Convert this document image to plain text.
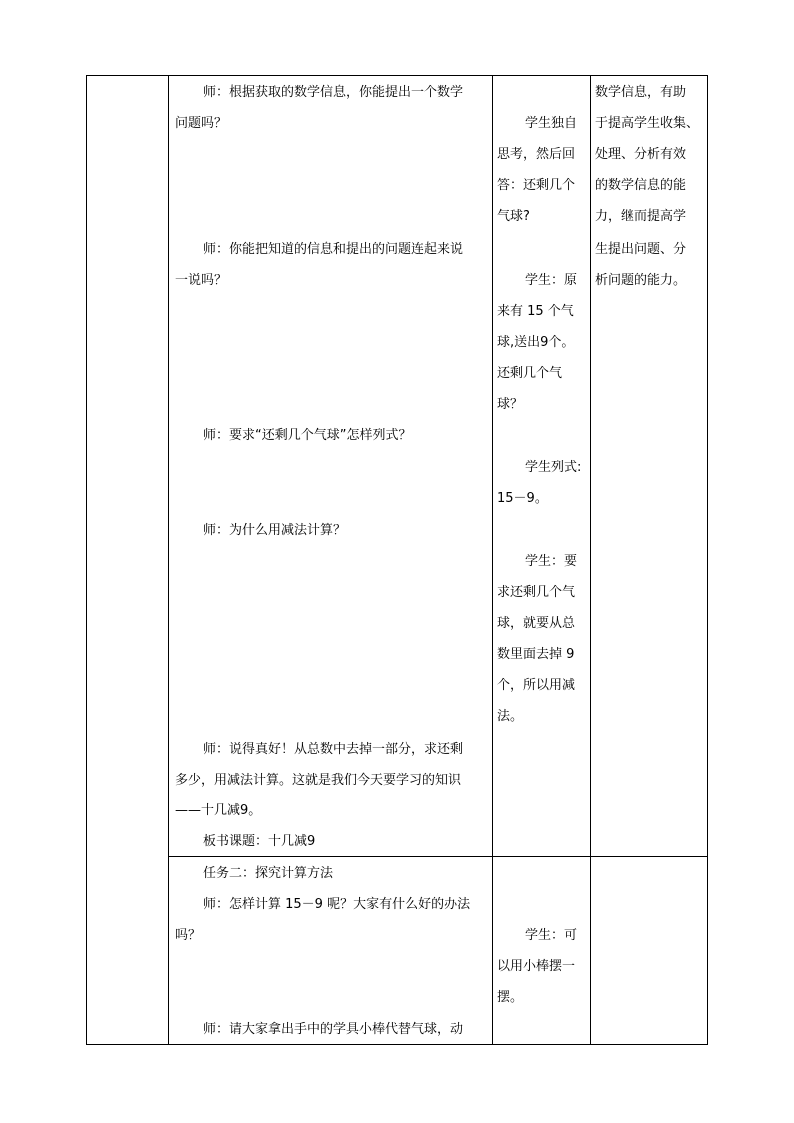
师：根据获取的数学信息，你能提出一个数学
问题吗？
师：你能把知道的信息和提出的问题连起来说
一说吗？
师：要求“还剩几个气球”怎样列式？
师：为什么用减法计算？
师：说得真好！从总数中去掉一部分，求还剩
多少，用减法计算。这就是我们今天要学习的知识
——十几减9。
板书课题：十几减9
学生独自
思考，然后回
答：还剩几个
气球?
学生：原
来有 15 个气
球,送出9个。
还剩几个气
球？
学生列式:
15－9。
学生：要
求还剩几个气
球，就要从总
数里面去掉 9
个，所以用减
法。
数学信息，有助
于提高学生收集、
处理、分析有效
的数学信息的能
力，继而提高学
生提出问题、分
析问题的能力。
任务二：探究计算方法
师：怎样计算 15－9 呢？大家有什么好的办法
吗？
师：请大家拿出手中的学具小棒代替气球，动
学生：可
以用小棒摆一
摆。
